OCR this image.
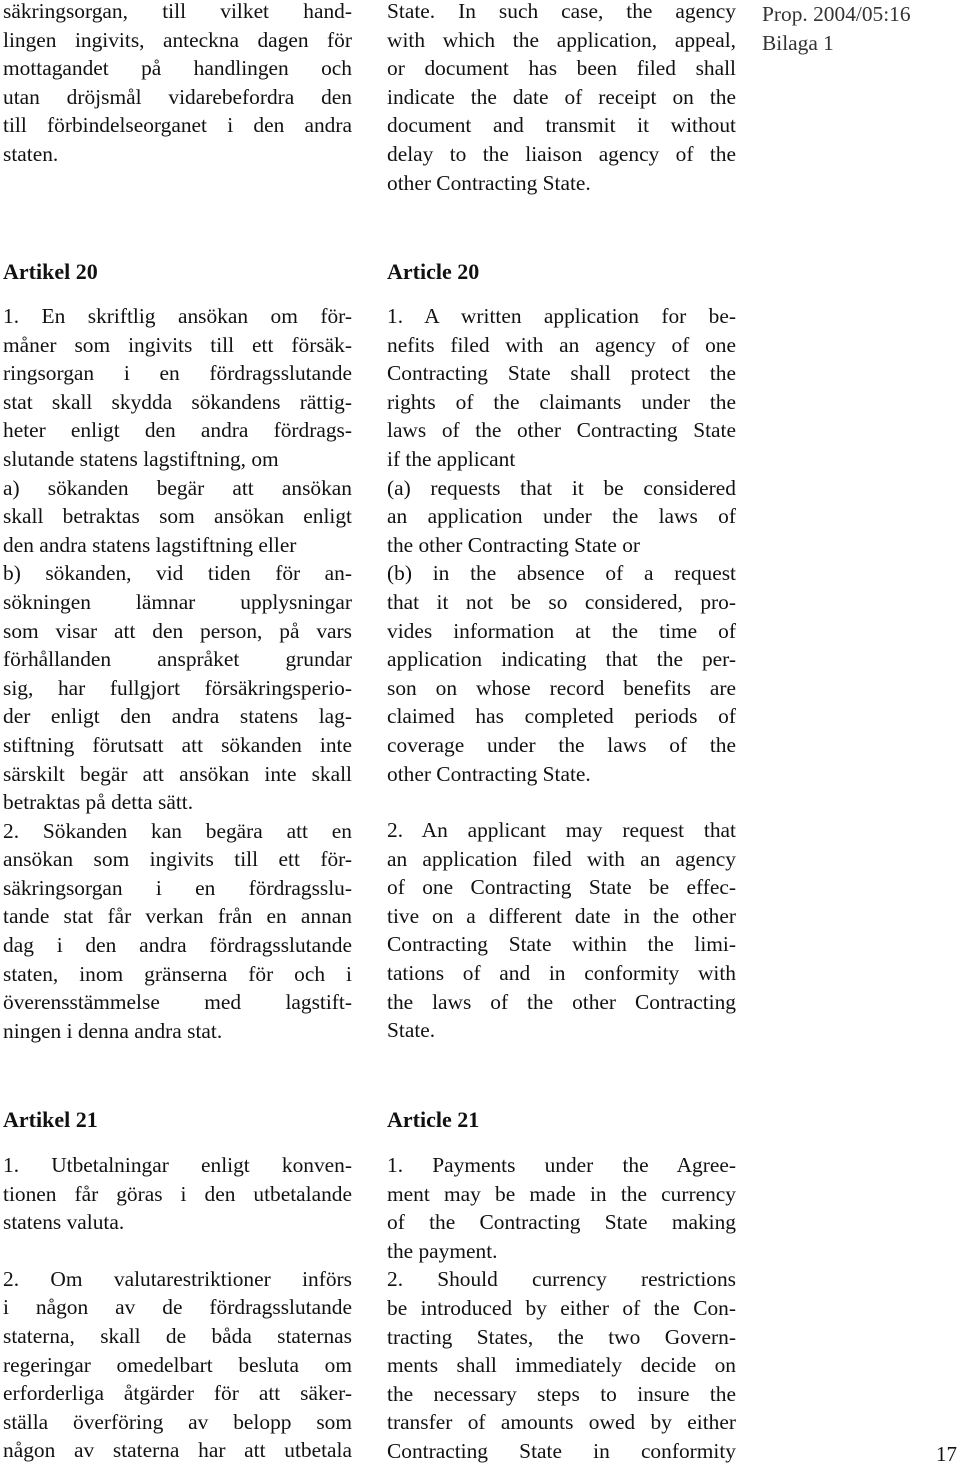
Prop. 2004/05:16
Bilaga 1

säkringsorgan, till vilket hand-

lingen ingivits, anteckna dagen för

mottagandet på handlingen och

utan dröjsmål vidarebefordra den

till förbindelseorganet i den andra

staten.

State. In such case, the agency

with which the application, appeal,

or document has been filed shall

indicate the date of receipt on the

document and transmit it without

delay to the liaison agency of the

other Contracting State.

Artikel 20	Article 20

1. En skriftlig ansökan om för-

måner som ingivits till ett försäk-

ringsorgan i en fördragsslutande

stat skall skydda sökandens rättig-

heter enligt den andra fördrags-

slutande statens lagstiftning, om

a) sökanden begär att ansökan

skall betraktas som ansökan enligt

den andra statens lagstiftning eller

b) sökanden, vid tiden för an-

sökningen lämnar upplysningar

som visar att den person, på vars

förhållanden anspråket grundar

sig, har fullgjort försäkringsperio-

der enligt den andra statens lag-

stiftning förutsatt att sökanden inte

särskilt begär att ansökan inte skall

betraktas på detta sätt.

2. Sökanden kan begära att en

ansökan som ingivits till ett för-

säkringsorgan i en fördragsslu-

tande stat får verkan från en annan

dag i den andra fördragsslutande

staten, inom gränserna för och i

överensstämmelse med lagstift-

ningen i denna andra stat.

1. A written application for be-

nefits filed with an agency of one

Contracting State shall protect the

rights of the claimants under the

laws of the other Contracting State

if the applicant

(a) requests that it be considered

an application under the laws of

the other Contracting State or

(b) in the absence of a request

that it not be so considered, pro-

vides information at the time of

application indicating that the per-

son on whose record benefits are

claimed has completed periods of

coverage under the laws of the

other Contracting State.

2. An applicant may request that

an application filed with an agency

of one Contracting State be effec-

tive on a different date in the other

Contracting State within the limi-

tations of and in conformity with

the laws of the other Contracting

State.

Artikel 21	Article 21

1. Utbetalningar enligt konven-

tionen får göras i den utbetalande

statens valuta.

2. Om valutarestriktioner införs

i någon av de fördragsslutande

staterna, skall de båda staternas

regeringar omedelbart besluta om

erforderliga åtgärder för att säker-

ställa överföring av belopp som

någon av staterna har att utbetala

1. Payments under the Agree-

ment may be made in the currency

of the Contracting State making

the payment.

2. Should currency restrictions

be introduced by either of the Con-

tracting States, the two Govern-

ments shall immediately decide on

the necessary steps to insure the

transfer of amounts owed by either

Contracting State in conformity	17
